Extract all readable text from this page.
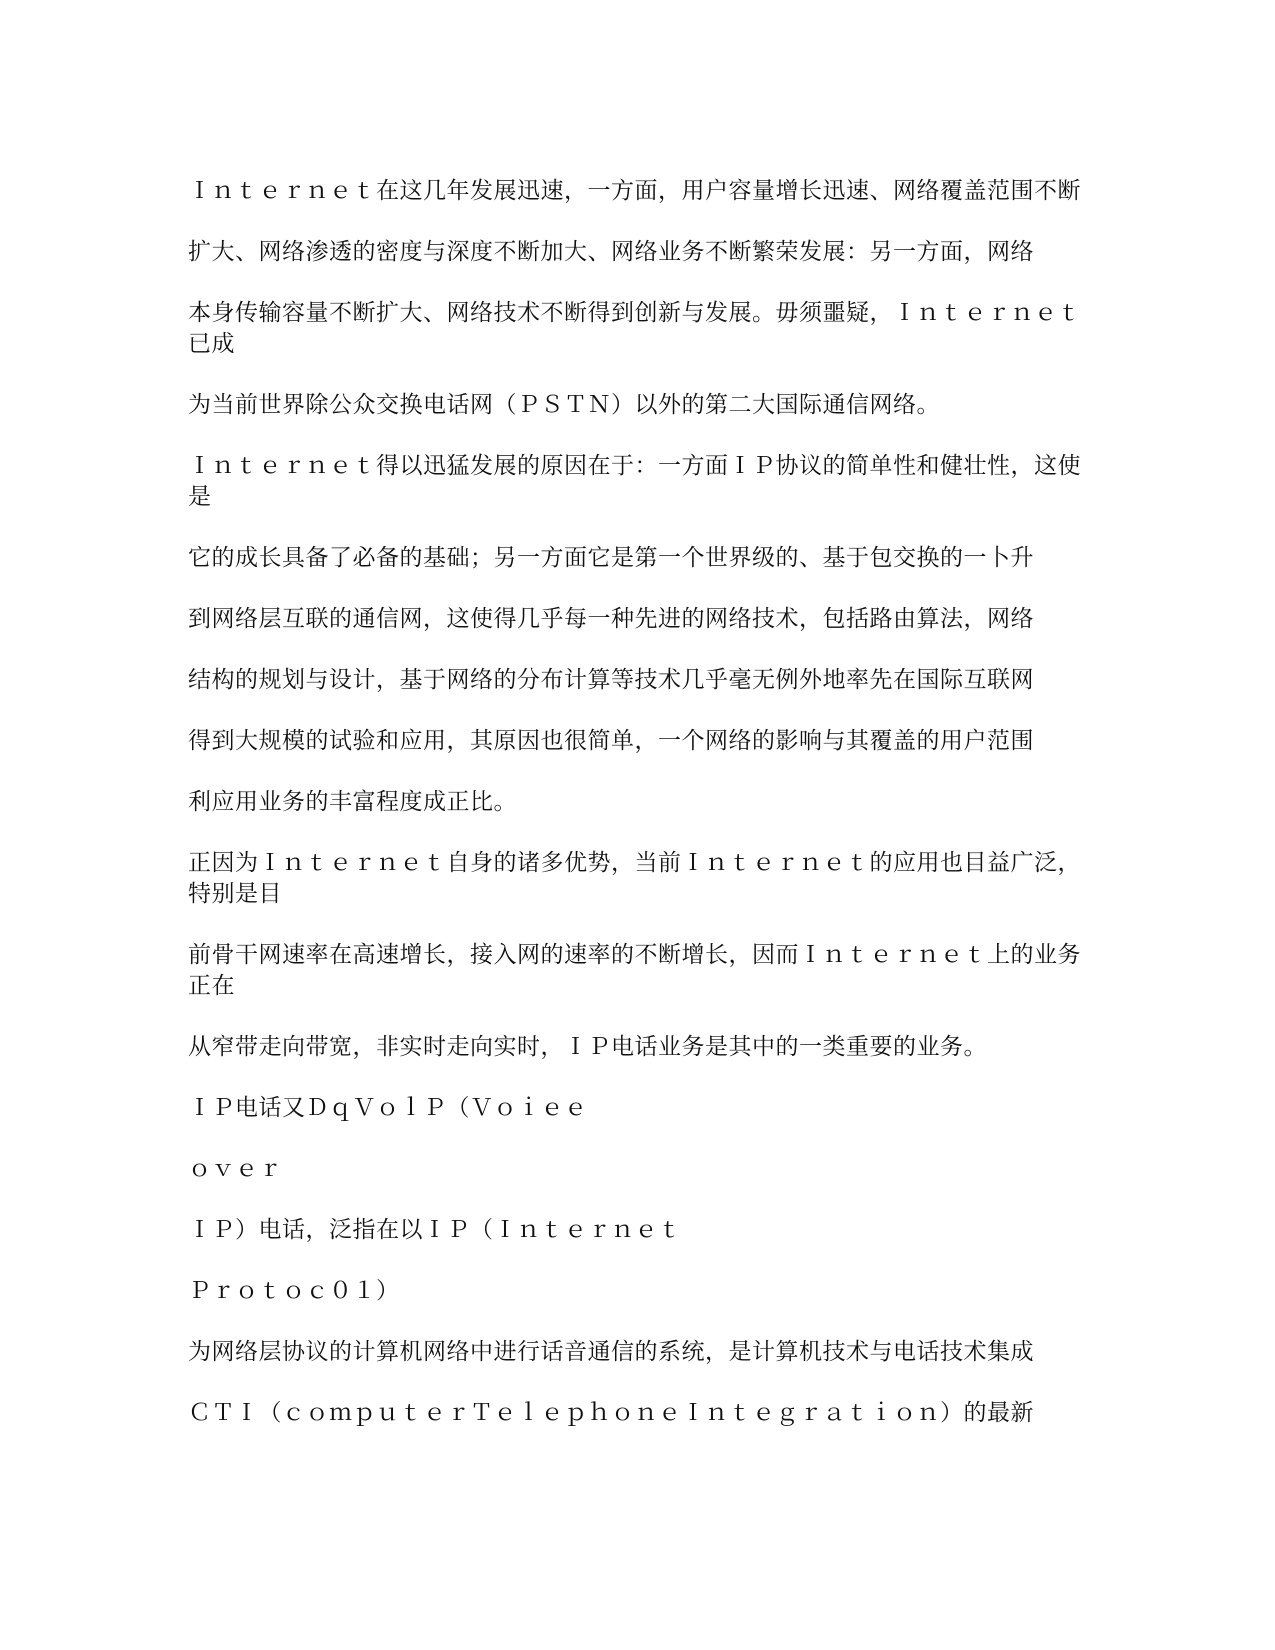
Ｉｎｔｅｒｎｅｔ在这几年发展迅速，一方面，用户容量增长迅速、网络覆盖范围不断

扩大、网络渗透的密度与深度不断加大、网络业务不断繁荣发展：另一方面，网络

本身传输容量不断扩大、网络技术不断得到创新与发展。毋须噩疑，Ｉｎｔｅｒｎｅｔ已成

为当前世界除公众交换电话网（ＰＳＴＮ）以外的第二大国际通信网络。

Ｉｎｔｅｒｎｅｔ得以迅猛发展的原因在于：一方面ＩＰ协议的简单性和健壮性，这使是

它的成长具备了必备的基础；另一方面它是第一个世界级的、基于包交换的一卜升

到网络层互联的通信网，这使得几乎每一种先进的网络技术，包括路由算法，网络

结构的规划与设计，基于网络的分布计算等技术几乎毫无例外地率先在国际互联网

得到大规模的试验和应用，其原因也很简单，一个网络的影响与其覆盖的用户范围

利应用业务的丰富程度成正比。

正因为Ｉｎｔｅｒｎｅｔ自身的诸多优势，当前Ｉｎｔｅｒｎｅｔ的应用也目益广泛，特别是目

前骨干网速率在高速增长，接入网的速率的不断增长，因而Ｉｎｔｅｒｎｅｔ上的业务正在

从窄带走向带宽，非实时走向实时，ＩＰ电话业务是其中的一类重要的业务。

ＩＰ电话又ＤｑＶｏｌＰ（Ｖｏｉｅｅ

ｏｖｅｒ

ＩＰ）电话，泛指在以ＩＰ（Ｉｎｔｅｒｎｅｔ

Ｐｒｏｔｏｃ０１）

为网络层协议的计算机网络中进行话音通信的系统，是计算机技术与电话技术集成

ＣＴＩ（ｃｏｍｐｕｔｅｒＴｅｌｅｐｈｏｎｅＩｎｔｅｇｒａｔｉｏｎ）的最新
